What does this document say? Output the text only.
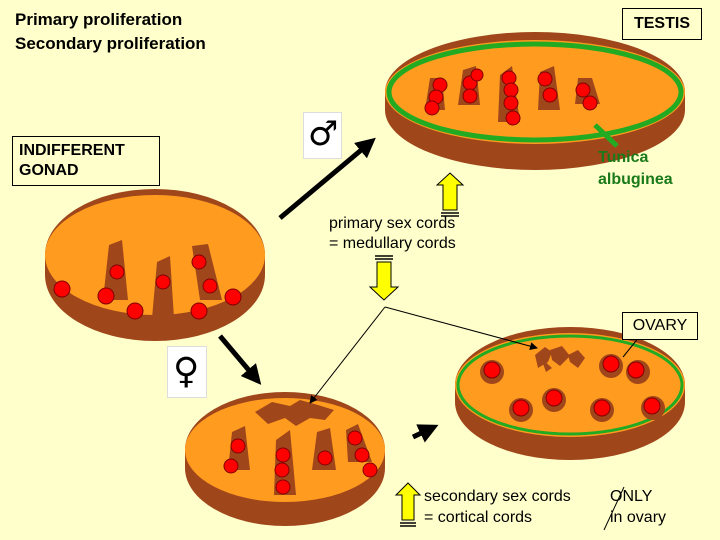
♂
♀
Primary proliferation
Secondary proliferation
TESTIS
INDIFFERENT
GONAD
OVARY
Tunica
albuginea
primary sex cords
= medullary cords
secondary sex cords
= cortical cords
ONLY
in ovary
